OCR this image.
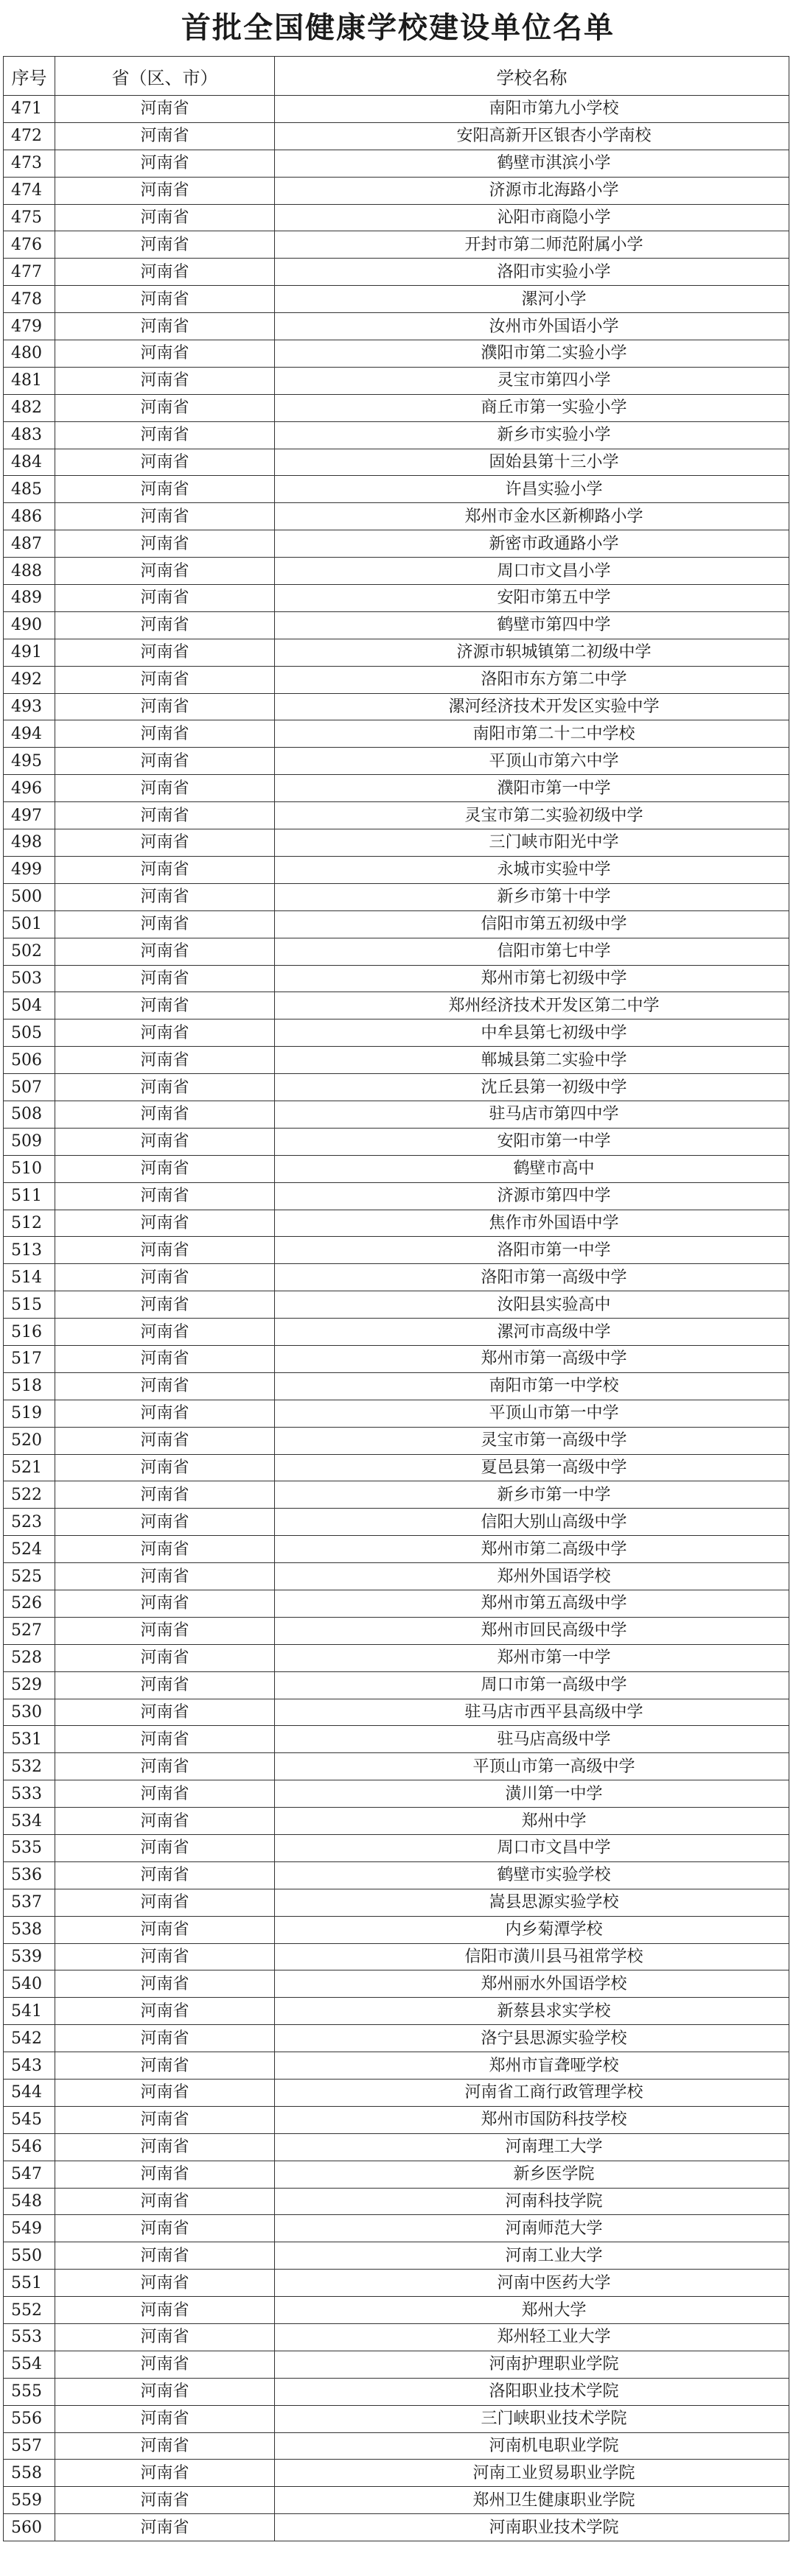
首批全国健康学校建设单位名单
序号	省（区、市）	学校名称
471	河南省	南阳市第九小学校
472	河南省	安阳高新开区银杏小学南校
473	河南省	鹤壁市淇滨小学
474	河南省	济源市北海路小学
475	河南省	沁阳市商隐小学
476	河南省	开封市第二师范附属小学
477	河南省	洛阳市实验小学
478	河南省	漯河小学
479	河南省	汝州市外国语小学
480	河南省	濮阳市第二实验小学
481	河南省	灵宝市第四小学
482	河南省	商丘市第一实验小学
483	河南省	新乡市实验小学
484	河南省	固始县第十三小学
485	河南省	许昌实验小学
486	河南省	郑州市金水区新柳路小学
487	河南省	新密市政通路小学
488	河南省	周口市文昌小学
489	河南省	安阳市第五中学
490	河南省	鹤壁市第四中学
491	河南省	济源市轵城镇第二初级中学
492	河南省	洛阳市东方第二中学
493	河南省	漯河经济技术开发区实验中学
494	河南省	南阳市第二十二中学校
495	河南省	平顶山市第六中学
496	河南省	濮阳市第一中学
497	河南省	灵宝市第二实验初级中学
498	河南省	三门峡市阳光中学
499	河南省	永城市实验中学
500	河南省	新乡市第十中学
501	河南省	信阳市第五初级中学
502	河南省	信阳市第七中学
503	河南省	郑州市第七初级中学
504	河南省	郑州经济技术开发区第二中学
505	河南省	中牟县第七初级中学
506	河南省	郸城县第二实验中学
507	河南省	沈丘县第一初级中学
508	河南省	驻马店市第四中学
509	河南省	安阳市第一中学
510	河南省	鹤壁市高中
511	河南省	济源市第四中学
512	河南省	焦作市外国语中学
513	河南省	洛阳市第一中学
514	河南省	洛阳市第一高级中学
515	河南省	汝阳县实验高中
516	河南省	漯河市高级中学
517	河南省	郑州市第一高级中学
518	河南省	南阳市第一中学校
519	河南省	平顶山市第一中学
520	河南省	灵宝市第一高级中学
521	河南省	夏邑县第一高级中学
522	河南省	新乡市第一中学
523	河南省	信阳大别山高级中学
524	河南省	郑州市第二高级中学
525	河南省	郑州外国语学校
526	河南省	郑州市第五高级中学
527	河南省	郑州市回民高级中学
528	河南省	郑州市第一中学
529	河南省	周口市第一高级中学
530	河南省	驻马店市西平县高级中学
531	河南省	驻马店高级中学
532	河南省	平顶山市第一高级中学
533	河南省	潢川第一中学
534	河南省	郑州中学
535	河南省	周口市文昌中学
536	河南省	鹤壁市实验学校
537	河南省	嵩县思源实验学校
538	河南省	内乡菊潭学校
539	河南省	信阳市潢川县马祖常学校
540	河南省	郑州丽水外国语学校
541	河南省	新蔡县求实学校
542	河南省	洛宁县思源实验学校
543	河南省	郑州市盲聋哑学校
544	河南省	河南省工商行政管理学校
545	河南省	郑州市国防科技学校
546	河南省	河南理工大学
547	河南省	新乡医学院
548	河南省	河南科技学院
549	河南省	河南师范大学
550	河南省	河南工业大学
551	河南省	河南中医药大学
552	河南省	郑州大学
553	河南省	郑州轻工业大学
554	河南省	河南护理职业学院
555	河南省	洛阳职业技术学院
556	河南省	三门峡职业技术学院
557	河南省	河南机电职业学院
558	河南省	河南工业贸易职业学院
559	河南省	郑州卫生健康职业学院
560	河南省	河南职业技术学院
